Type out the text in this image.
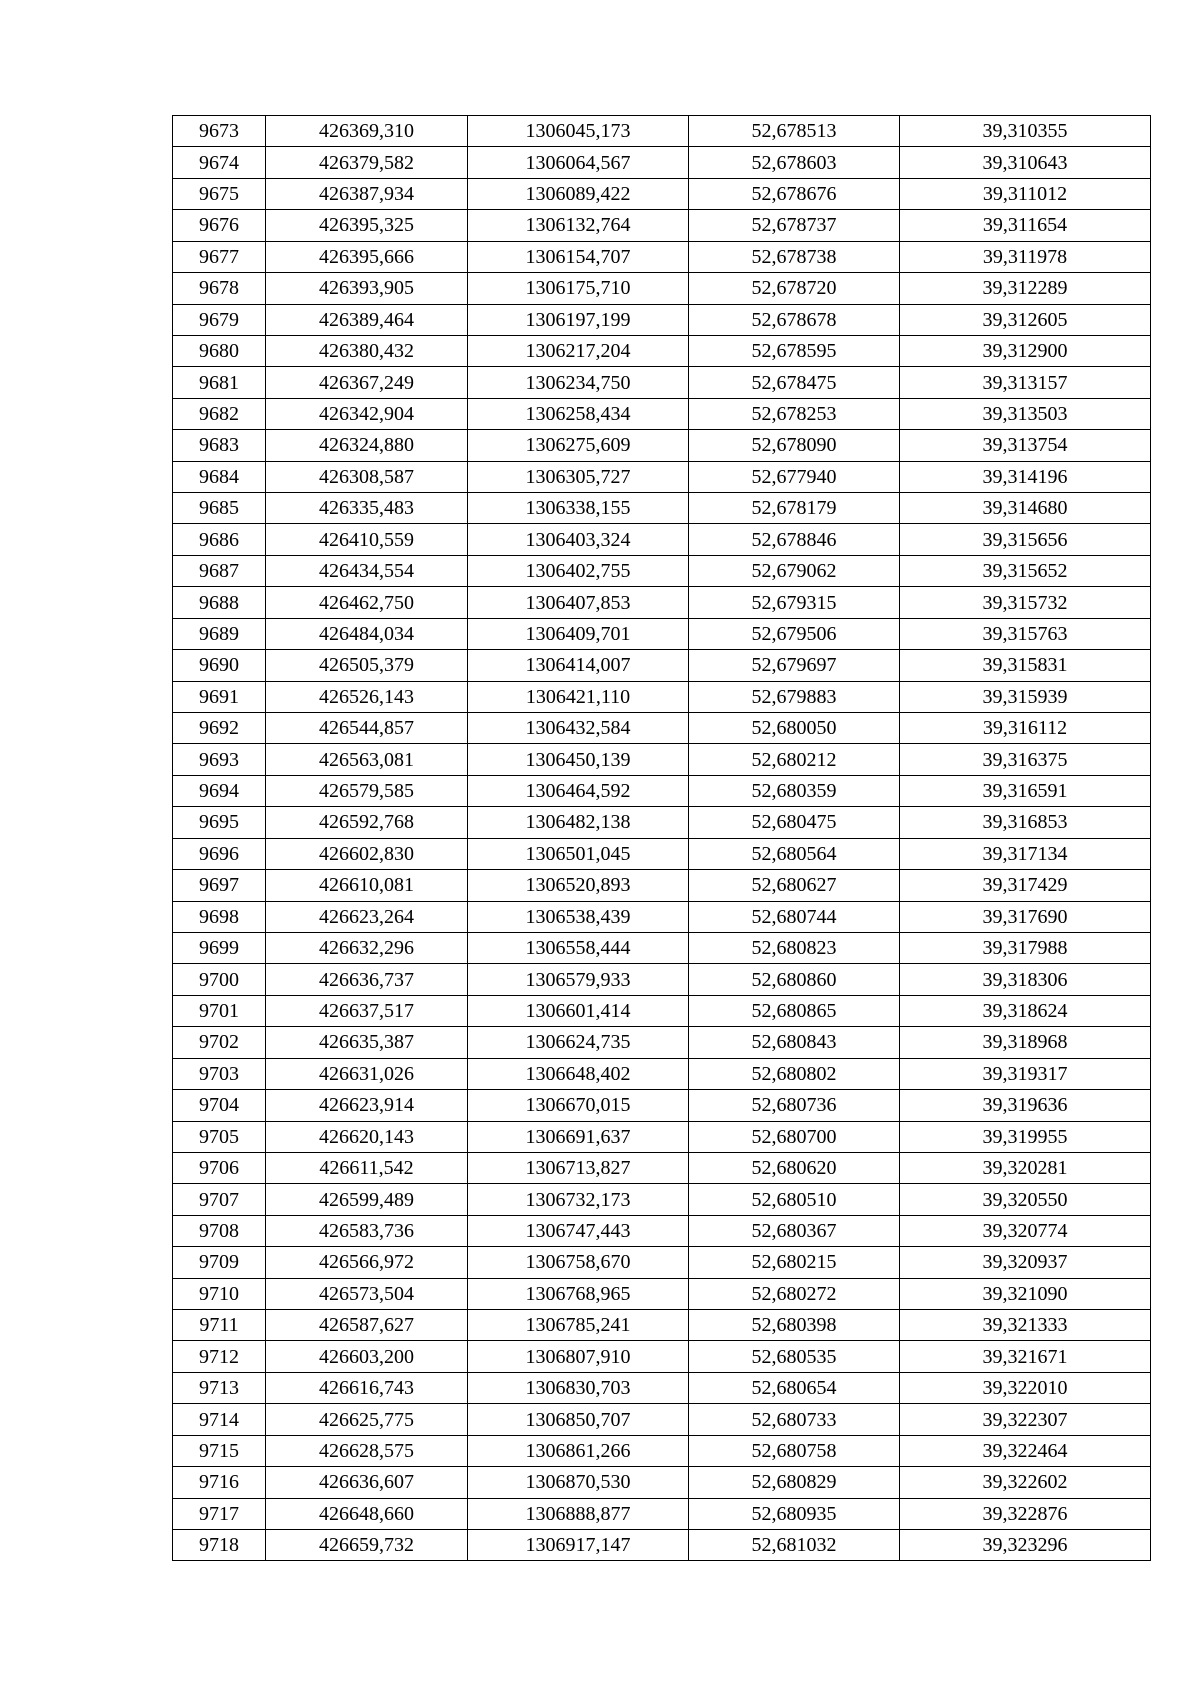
9673	426369,310	1306045,173	52,678513	39,310355
9674	426379,582	1306064,567	52,678603	39,310643
9675	426387,934	1306089,422	52,678676	39,311012
9676	426395,325	1306132,764	52,678737	39,311654
9677	426395,666	1306154,707	52,678738	39,311978
9678	426393,905	1306175,710	52,678720	39,312289
9679	426389,464	1306197,199	52,678678	39,312605
9680	426380,432	1306217,204	52,678595	39,312900
9681	426367,249	1306234,750	52,678475	39,313157
9682	426342,904	1306258,434	52,678253	39,313503
9683	426324,880	1306275,609	52,678090	39,313754
9684	426308,587	1306305,727	52,677940	39,314196
9685	426335,483	1306338,155	52,678179	39,314680
9686	426410,559	1306403,324	52,678846	39,315656
9687	426434,554	1306402,755	52,679062	39,315652
9688	426462,750	1306407,853	52,679315	39,315732
9689	426484,034	1306409,701	52,679506	39,315763
9690	426505,379	1306414,007	52,679697	39,315831
9691	426526,143	1306421,110	52,679883	39,315939
9692	426544,857	1306432,584	52,680050	39,316112
9693	426563,081	1306450,139	52,680212	39,316375
9694	426579,585	1306464,592	52,680359	39,316591
9695	426592,768	1306482,138	52,680475	39,316853
9696	426602,830	1306501,045	52,680564	39,317134
9697	426610,081	1306520,893	52,680627	39,317429
9698	426623,264	1306538,439	52,680744	39,317690
9699	426632,296	1306558,444	52,680823	39,317988
9700	426636,737	1306579,933	52,680860	39,318306
9701	426637,517	1306601,414	52,680865	39,318624
9702	426635,387	1306624,735	52,680843	39,318968
9703	426631,026	1306648,402	52,680802	39,319317
9704	426623,914	1306670,015	52,680736	39,319636
9705	426620,143	1306691,637	52,680700	39,319955
9706	426611,542	1306713,827	52,680620	39,320281
9707	426599,489	1306732,173	52,680510	39,320550
9708	426583,736	1306747,443	52,680367	39,320774
9709	426566,972	1306758,670	52,680215	39,320937
9710	426573,504	1306768,965	52,680272	39,321090
9711	426587,627	1306785,241	52,680398	39,321333
9712	426603,200	1306807,910	52,680535	39,321671
9713	426616,743	1306830,703	52,680654	39,322010
9714	426625,775	1306850,707	52,680733	39,322307
9715	426628,575	1306861,266	52,680758	39,322464
9716	426636,607	1306870,530	52,680829	39,322602
9717	426648,660	1306888,877	52,680935	39,322876
9718	426659,732	1306917,147	52,681032	39,323296
